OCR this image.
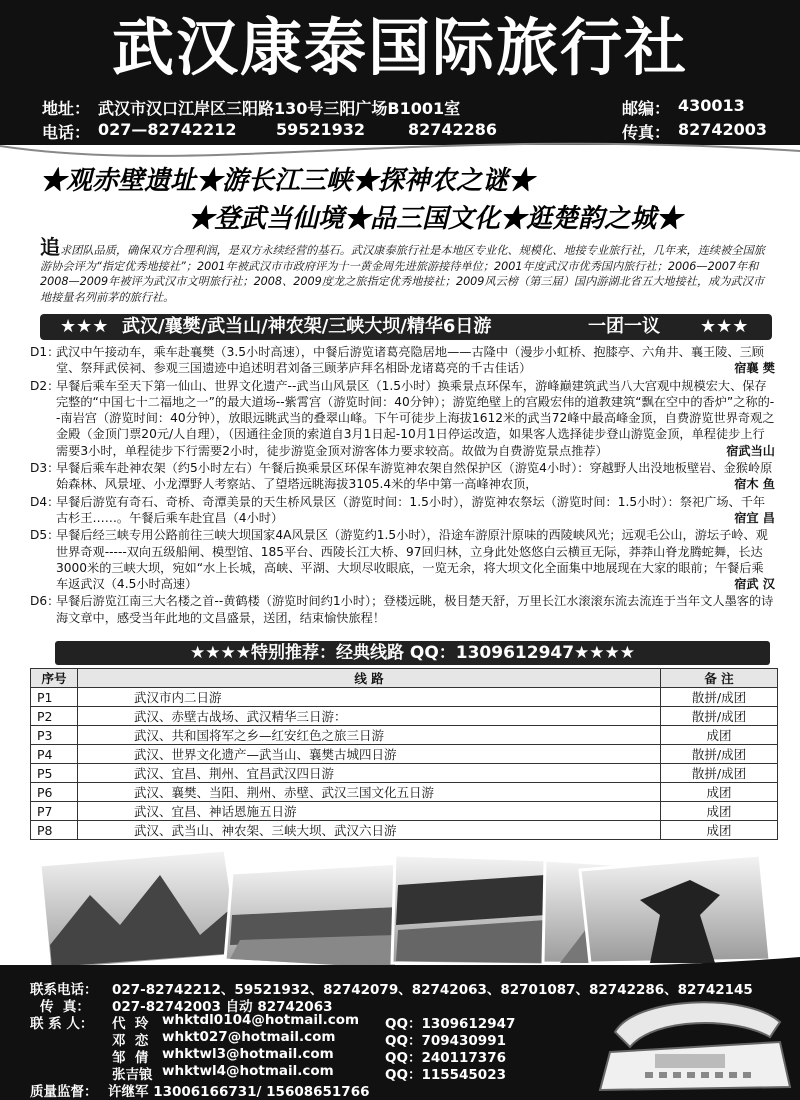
武汉康泰国际旅行社
地址： 武汉市汉口江岸区三阳路130号三阳广场B1001室	邮编： 430013
电话： 027—82742212 59521932	82742286	传真： 82742003
★观赤壁遗址★游长江三峡★探神农之谜★
★登武当仙境★品三国文化★逛楚韵之城★
追求团队品质，确保双方合理利润，是双方永续经营的基石。武汉康泰旅行社是本地区专业化、规模化、地接专业旅行社，几年来，连续被全国旅游协会评为“指定优秀地接社”；2001年被武汉市市政府评为十一黄金周先进旅游接待单位；2001年度武汉市优秀国内旅行社；2006—2007年和2008—2009年被评为武汉市文明旅行社；2008、2009度龙之旅指定优秀地接社；2009风云榜（第三届）国内游湖北省五大地接社，成为武汉市地接量名列前茅的旅行社。
★★★ 武汉/襄樊/武当山/神农架/三峡大坝/精华6日游	一团一议 ★★★
D1：
武汉中午接动车，乘车赴襄樊（3.5小时高速），中餐后游览诸葛亮隐居地——古隆中（漫步小虹桥、抱膝亭、六角井、襄王陵、三顾堂、祭拜武侯祠、参观三国遗迹中追述明君刘备三顾茅庐拜名相卧龙诸葛亮的千古佳话）	宿襄 樊
D2：
早餐后乘车至天下第一仙山、世界文化遗产--武当山风景区（1.5小时）换乘景点环保车，游峰巅建筑武当八大宫观中规模宏大、保存完整的“中国七十二福地之一”的最大道场--紫霄宫（游览时间：40分钟）；游览绝壁上的宫殿宏伟的道教建筑“飘在空中的香炉”之称的--南岩宫（游览时间：40分钟），放眼远眺武当的叠翠山峰。下午可徒步上海拔1612米的武当72峰中最高峰金顶，自费游览世界奇观之金殿（金顶门票20元/人自理），（因通往金顶的索道自3月1日起-10月1日停运改造，如果客人选择徒步登山游览金顶，单程徒步上行需要3小时，单程徒步下行需要2小时，徒步游览金顶对游客体力要求较高。故做为自费游览景点推荐）	宿武当山
D3：
早餐后乘车赴神农架（约5小时左右）午餐后换乘景区环保车游览神农架自然保护区（游览4小时）：穿越野人出没地板壁岩、金猴岭原始森林、风景垭、小龙潭野人考察站、了望塔远眺海拔3105.4米的华中第一高峰神农顶，	宿木 鱼
D4：
早餐后游览有奇石、奇桥、奇潭美景的天生桥风景区（游览时间：1.5小时），游览神农祭坛（游览时间：1.5小时）：祭祀广场、千年古杉王……。午餐后乘车赴宜昌（4小时）	宿宜 昌
D5：
早餐后经三峡专用公路前往三峡大坝国家4A风景区（游览约1.5小时），沿途车游原汁原味的西陵峡风光；远观毛公山，游坛子岭、观世界奇观-----双向五级船闸、模型馆、185平台、西陵长江大桥、97回归林，立身此处悠悠白云横亘无际，莽莽山脊龙腾蛇舞，长达3000米的三峡大坝，宛如“水上长城，高峡、平湖、大坝尽收眼底，一览无余，将大坝文化全面集中地展现在大家的眼前；午餐后乘车返武汉（4.5小时高速）	宿武 汉
D6：
早餐后游览江南三大名楼之首--黄鹤楼（游览时间约1小时）；登楼远眺，极目楚天舒，万里长江水滚滚东流去流连于当年文人墨客的诗海文章中，感受当年此地的文昌盛景，送团，结束愉快旅程！
★★★★特别推荐：经典线路 QQ：1309612947★★★★
序号	线 路	备 注
P1	武汉市内二日游	散拼/成团
P2	武汉、赤壁古战场、武汉精华三日游：	散拼/成团
P3	武汉、共和国将军之乡—红安红色之旅三日游	成团
P4	武汉、世界文化遗产—武当山、襄樊古城四日游	散拼/成团
P5	武汉、宜昌、荆州、宜昌武汉四日游	散拼/成团
P6	武汉、襄樊、当阳、荆州、赤壁、武汉三国文化五日游	成团
P7	武汉、宜昌、神话恩施五日游	成团
P8	武汉、武当山、神农架、三峡大坝、武汉六日游	成团
联系电话： 027-82742212、59521932、82742079、82742063、82701087、82742286、82742145
传  真： 027-82742003 自动 82742063
联 系 人： 代  玲 whktdl0104@hotmail.com QQ：1309612947
邓  恋 whkt027@hotmail.com	QQ：709430991
邹  倩 whktwl3@hotmail.com	QQ：240117376
张吉锒 whktwl4@hotmail.com	QQ：115545023
质量监督： 许继军 13006166731/ 15608651766
